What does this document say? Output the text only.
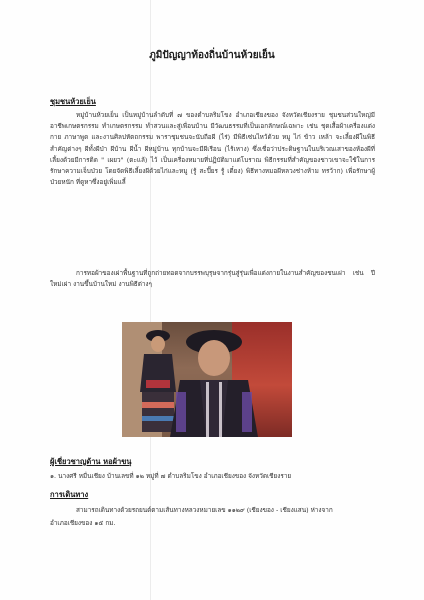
ภูมิปัญญาท้องถิ่นบ้านห้วยเย็น
ชุมชนห้วยเย็น
หมู่บ้านห้วยเย็น เป็นหมู่บ้านลำดับที่ ๗ ของตำบลริมโขง อำเภอเชียงของ จังหวัดเชียงราย ชุมชนส่วนใหญ่มีอาชีพเกษตรกรรม ทำเกษตรกรรม ทำสวนและสู่เพื่อนบ้าน มีวัฒนธรรมที่เป็นเอกลักษณ์เฉพาะ เช่น ชุดเสื้อผ้าเครื่องแต่งกาย ภาษาพูด และงานศิลปหัตถกรรม พาราชุมชนจะนับถือผี (ไร่) มีพิธีเซ่นไหว้ด้วย หมู ไก่ ข้าว เหล้า จะเลี้ยงผีในพิธีสำคัญต่างๆ ผีทั้งผีป่า ผีบ้าน ผีน้ำ ผีหมู่บ้าน ทุกบ้านจะมีผีเรือน (ไร้เหาง) ซึ่งเชื่อว่าประดิษฐานในบริเวณเสาของห้องผีที่เลี้ยงด้วยมีการติด " เผยว" (ตะแล้) ไว้ เป็นเครื่องหมายที่ปฏิบัติมาแต่โบราณ พิธีกรรมที่สำคัญของชาวเขาจะใช้ในการรักษาความเจ็บป่วย โดยจัดพิธีเลี้ยงผีด้วยไก่และหมู (รู้ สะปี๊ยร รู้ เดี๋ยง) พิธีทางหมอผีหลวงช่างห้าม ทรว้าก) เพื่อรักษาผู้ป่วยหนัก ที่ดูหาซึ่งอยู่เพิ่มแลี้
การทอผ้าของเผ่าพื้นฐานที่ถูกถ่ายทอดจากบรรพบุรุษจากรุ่นสู่รุ่นเพื่อแต่งกายในงานสำคัญของชนเผ่า เช่น ปีใหม่เผ่า งานขึ้นบ้านใหม่ งานพิธีต่างๆ
ผู้เชี่ยวชาญด้าน หอผ้าขนุ
๑. นางศรี หมื่นเชียง บ้านเลขที่ ๑๒ หมู่ที่ ๗ ตำบลริมโขง อำเภอเชียงของ จังหวัดเชียงราย
การเดินทาง
สามารถเดินทางด้วยรถยนต์ตามเส้นทางหลวงหมายเลข ๑๑๒๙ (เชียงของ - เชียงแสน) ห่างจาก
อำเภอเชียงของ ๑๕ กม.
